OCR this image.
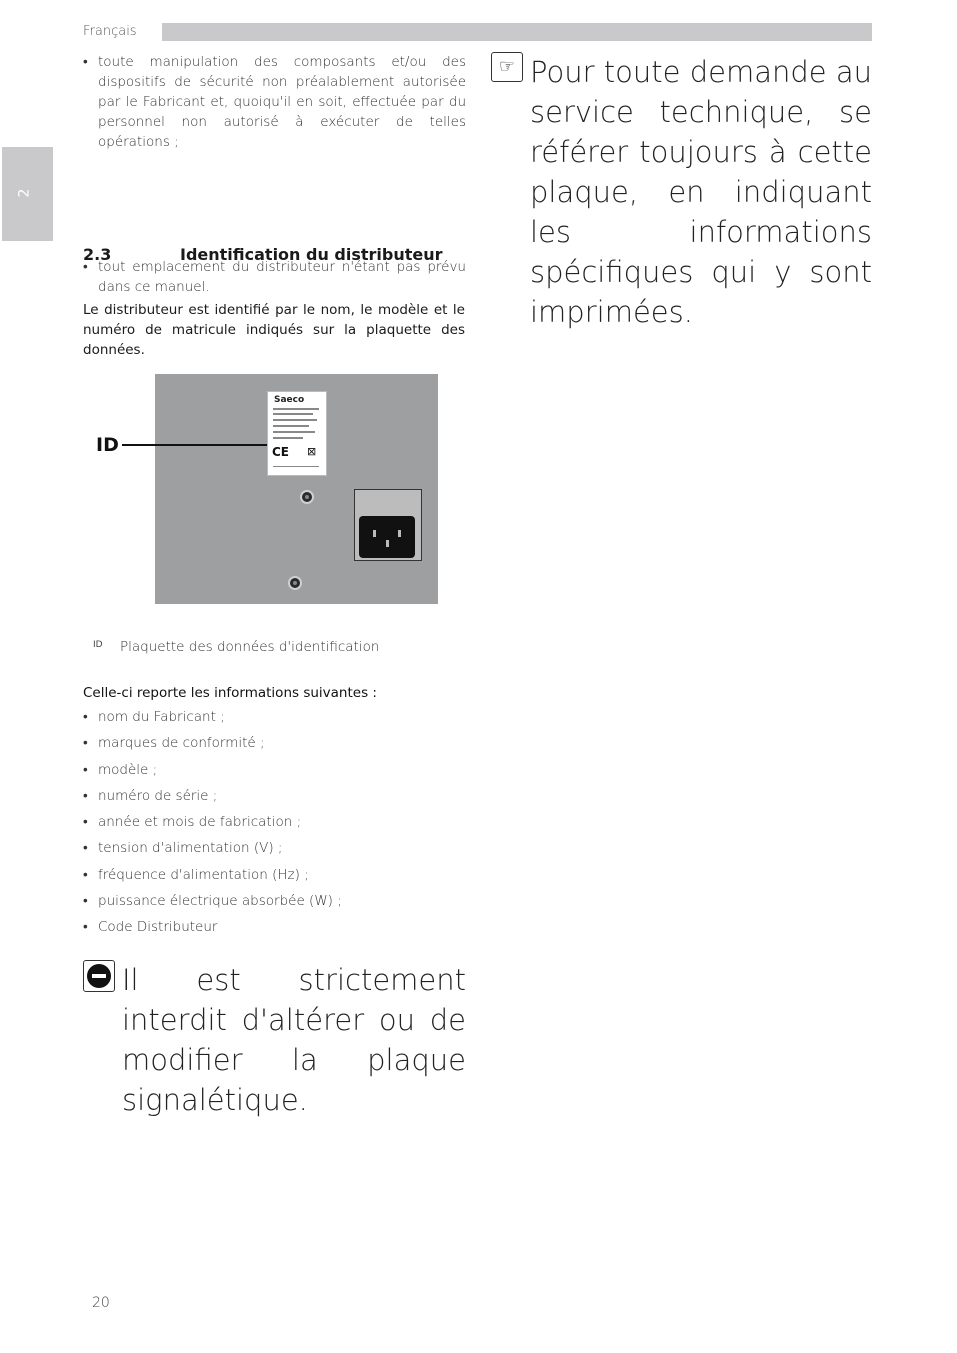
Français
2
• toute manipulation des composants et/ou des dispositifs de sécurité non préalablement autorisée par le Fabricant et, quoiqu'il en soit, effectuée par du personnel non autorisé à exécuter de telles opérations ;
• tout emplacement du distributeur n'étant pas prévu dans ce manuel.
2.3	Identification du distributeur
Le distributeur est identifié par le nom, le modèle et le numéro de matricule indiqués sur la plaquette des données.
Saeco
CE ⊠
ID
ID Plaquette des données d'identification
Celle-ci reporte les informations suivantes :
• nom du Fabricant ;
• marques de conformité ;
• modèle ;
• numéro de série ;
• année et mois de fabrication ;
• tension d'alimentation (V) ;
• fréquence d'alimentation (Hz) ;
• puissance électrique absorbée (W) ;
• Code Distributeur
Il est strictement interdit d'altérer ou de modifier la plaque signalétique.
☞ Pour toute demande au service technique, se référer toujours à cette plaque, en indiquant les informations spécifiques qui y sont imprimées.
20
